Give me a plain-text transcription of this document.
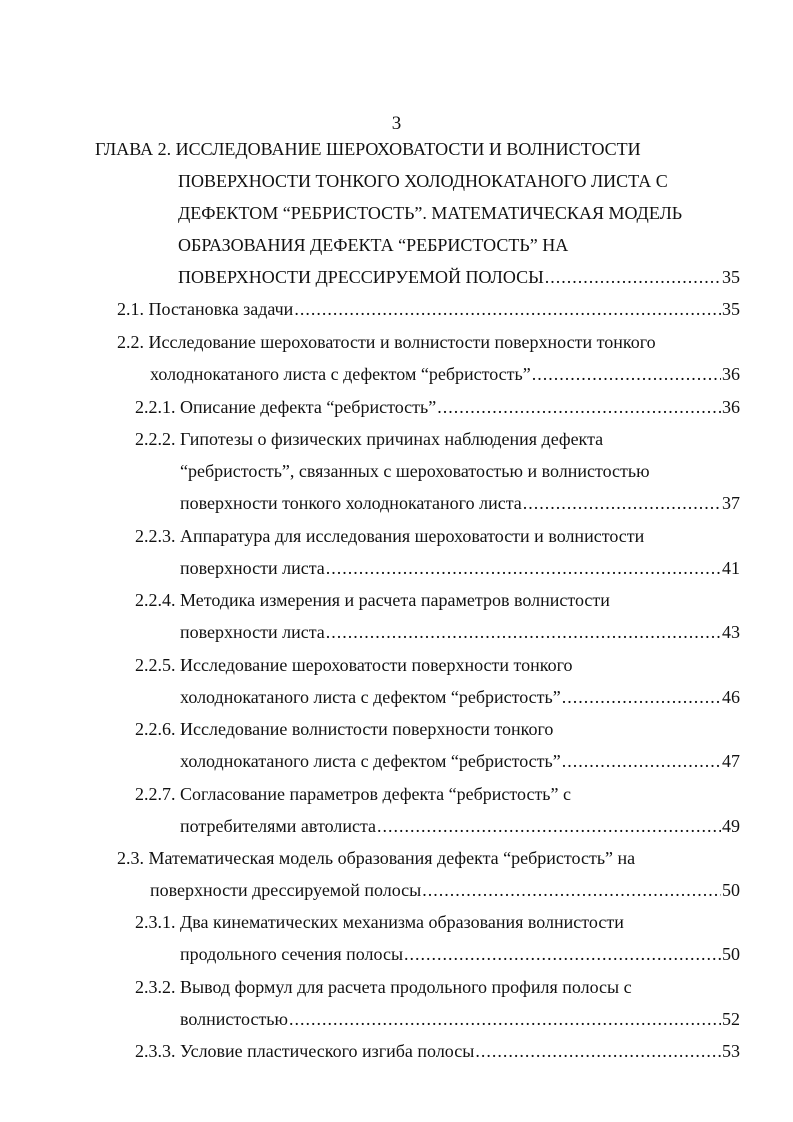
3
ГЛАВА 2. ИССЛЕДОВАНИЕ ШЕРОХОВАТОСТИ И ВОЛНИСТОСТИ
ПОВЕРХНОСТИ ТОНКОГО ХОЛОДНОКАТАНОГО ЛИСТА С
ДЕФЕКТОМ “РЕБРИСТОСТЬ”. МАТЕМАТИЧЕСКАЯ МОДЕЛЬ
ОБРАЗОВАНИЯ ДЕФЕКТА “РЕБРИСТОСТЬ” НА
ПОВЕРХНОСТИ ДРЕССИРУЕМОЙ ПОЛОСЫ .....	35
2.1. Постановка задачи .....	35
2.2. Исследование шероховатости и волнистости поверхности тонкого
холоднокатаного листа с дефектом “ребристость” .....	36
2.2.1. Описание дефекта “ребристость” .....	36
2.2.2. Гипотезы о физических причинах наблюдения дефекта
“ребристость”, связанных с шероховатостью и волнистостью
поверхности тонкого холоднокатаного листа .....	37
2.2.3. Аппаратура для исследования шероховатости и волнистости
поверхности листа .....	41
2.2.4. Методика измерения и расчета параметров волнистости
поверхности листа .....	43
2.2.5. Исследование шероховатости поверхности тонкого
холоднокатаного листа с дефектом “ребристость” .....	46
2.2.6. Исследование волнистости поверхности тонкого
холоднокатаного листа с дефектом “ребристость” .....	47
2.2.7. Согласование параметров дефекта “ребристость” с
потребителями автолиста .....	49
2.3. Математическая модель образования дефекта “ребристость” на
поверхности дрессируемой полосы .....	50
2.3.1. Два кинематических механизма образования волнистости
продольного сечения полосы .....	50
2.3.2. Вывод формул для расчета продольного профиля полосы с
волнистостью .....	52
2.3.3. Условие пластического изгиба полосы .....	53
